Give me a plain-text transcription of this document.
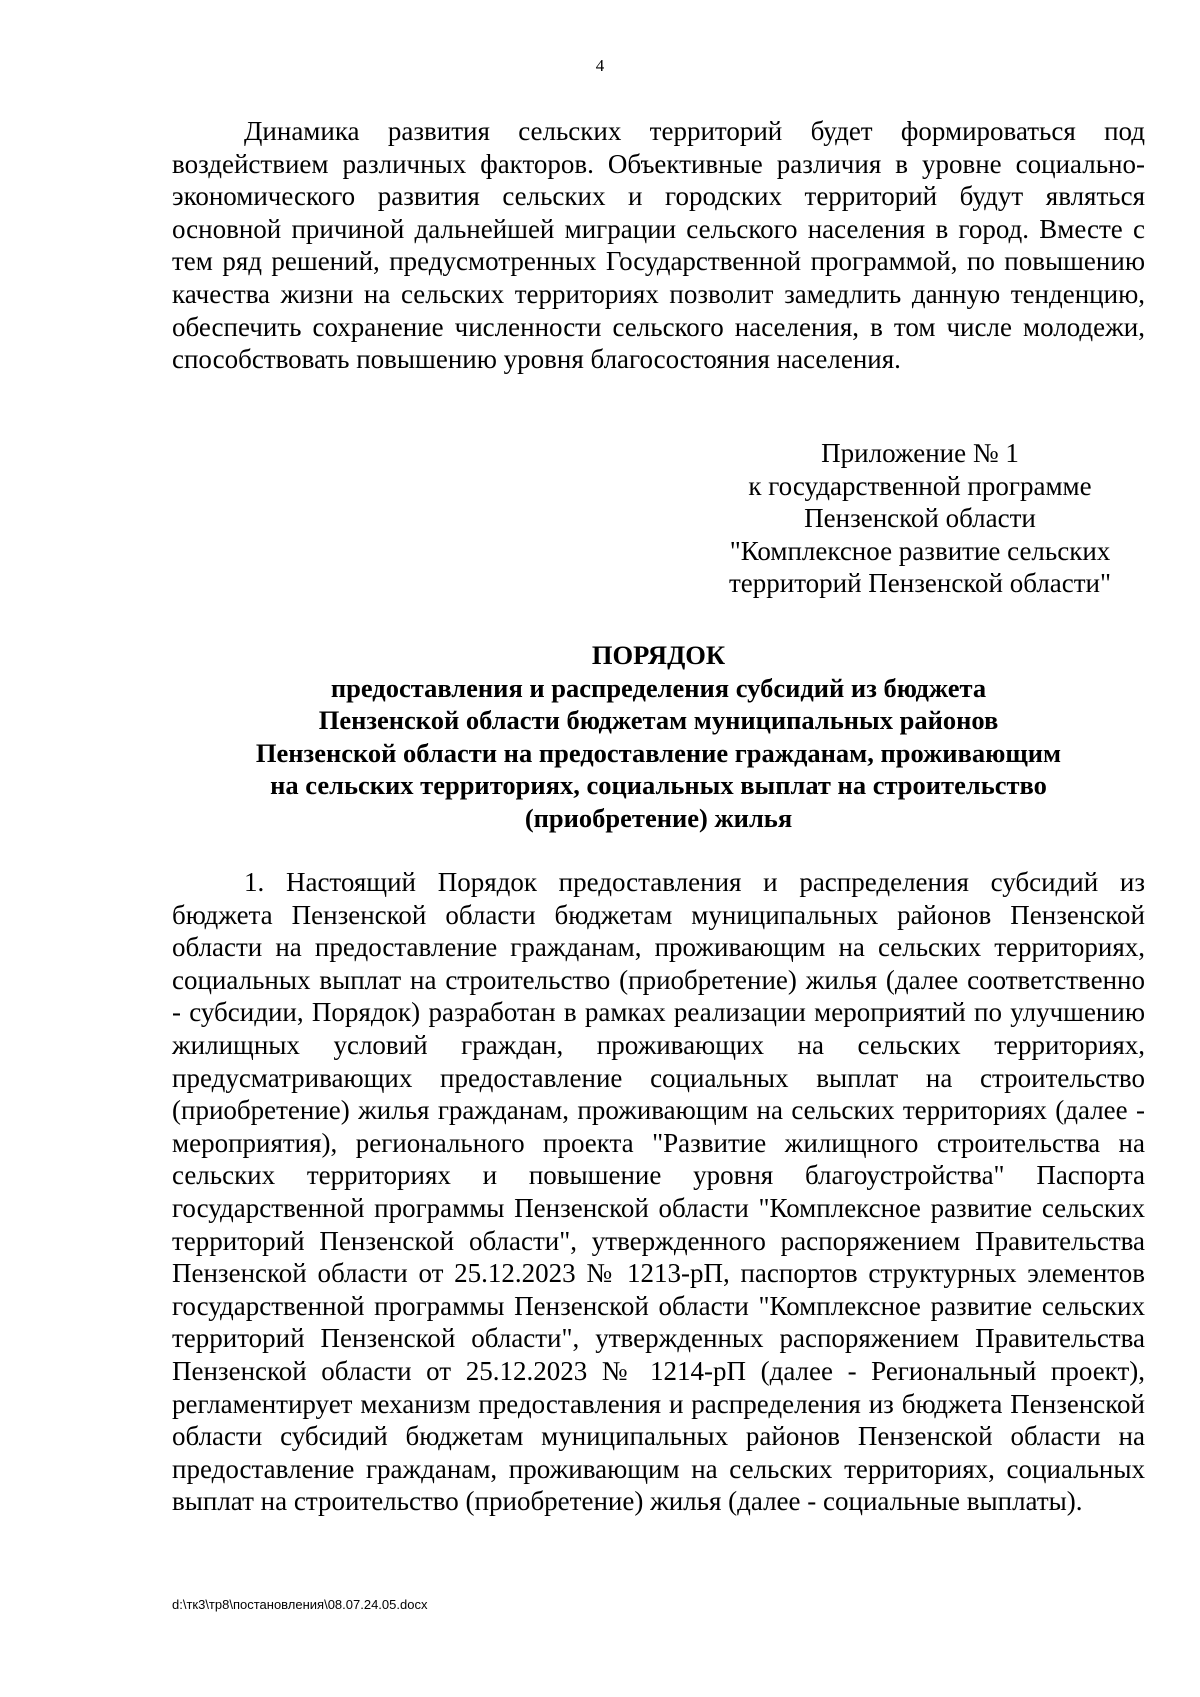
4

Динамика развития сельских территорий будет формироваться под воздействием различных факторов. Объективные различия в уровне социально-экономического развития сельских и городских территорий будут являться основной причиной дальнейшей миграции сельского населения в город. Вместе с тем ряд решений, предусмотренных Государственной программой, по повышению качества жизни на сельских территориях позволит замедлить данную тенденцию, обеспечить сохранение численности сельского населения, в том числе молодежи, способствовать повышению уровня благосостояния населения.

Приложение № 1
к государственной программе
Пензенской области
"Комплексное развитие сельских
территорий Пензенской области"
ПОРЯДОК
предоставления и распределения субсидий из бюджета
Пензенской области бюджетам муниципальных районов
Пензенской области на предоставление гражданам, проживающим
на сельских территориях, социальных выплат на строительство
(приобретение) жилья

1. Настоящий Порядок предоставления и распределения субсидий из бюджета Пензенской области бюджетам муниципальных районов Пензенской области на предоставление гражданам, проживающим на сельских территориях, социальных выплат на строительство (приобретение) жилья (далее соответственно - субсидии, Порядок) разработан в рамках реализации мероприятий по улучшению жилищных условий граждан, проживающих на сельских территориях, предусматривающих предоставление социальных выплат на строительство (приобретение) жилья гражданам, проживающим на сельских территориях (далее - мероприятия), регионального проекта "Развитие жилищного строительства на сельских территориях и повышение уровня благоустройства" Паспорта государственной программы Пензенской области "Комплексное развитие сельских территорий Пензенской области", утвержденного распоряжением Правительства Пензенской области от 25.12.2023 № 1213-рП, паспортов структурных элементов государственной программы Пензенской области "Комплексное развитие сельских территорий Пензенской области", утвержденных распоряжением Правительства Пензенской области от 25.12.2023 № 1214-рП (далее - Региональный проект), регламентирует механизм предоставления и распределения из бюджета Пензенской области субсидий бюджетам муниципальных районов Пензенской области на предоставление гражданам, проживающим на сельских территориях, социальных выплат на строительство (приобретение) жилья (далее - социальные выплаты).

d:\тк3\тр8\постановления\08.07.24.05.docx
